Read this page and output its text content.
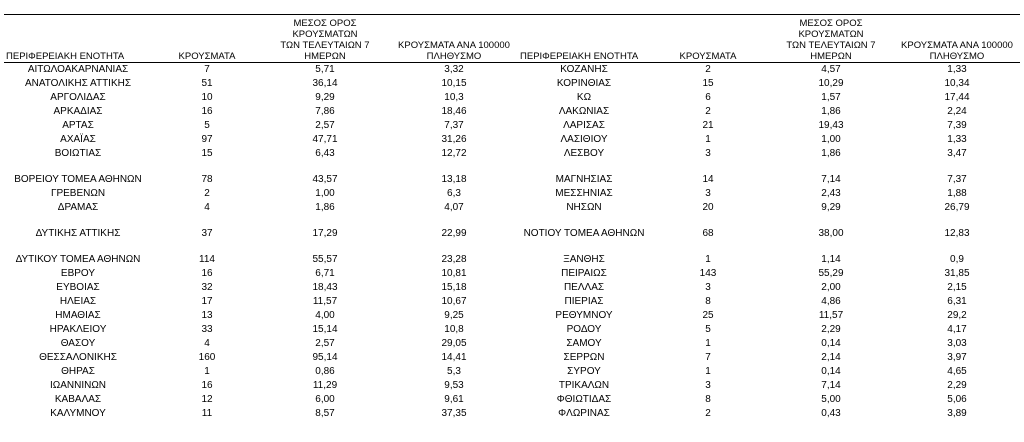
ΠΕΡΙΦΕΡΕΙΑΚΗ ΕΝΟΤΗΤΑ	ΚΡΟΥΣΜΑΤΑ	ΜΕΣΟΣ ΟΡΟΣ ΚΡΟΥΣΜΑΤΩΝ
ΤΩΝ ΤΕΛΕΥΤΑΙΩΝ 7
ΗΜΕΡΩΝ	ΚΡΟΥΣΜΑΤΑ ΑΝΑ 100000
ΠΛΗΘΥΣΜΟ

ΑΙΤΩΛΟΑΚΑΡΝΑΝΙΑΣ	7	5,71	3,32
ΑΝΑΤΟΛΙΚΗΣ ΑΤΤΙΚΗΣ	51	36,14	10,15
ΑΡΓΟΛΙΔΑΣ	10	9,29	10,3
ΑΡΚΑΔΙΑΣ	16	7,86	18,46
ΑΡΤΑΣ	5	2,57	7,37
ΑΧΑΪΑΣ	97	47,71	31,26
ΒΟΙΩΤΙΑΣ	15	6,43	12,72

ΒΟΡΕΙΟΥ ΤΟΜΕΑ ΑΘΗΝΩΝ	78	43,57	13,18
ΓΡΕΒΕΝΩΝ	2	1,00	6,3
ΔΡΑΜΑΣ	4	1,86	4,07

ΔΥΤΙΚΗΣ ΑΤΤΙΚΗΣ	37	17,29	22,99

ΔΥΤΙΚΟΥ ΤΟΜΕΑ ΑΘΗΝΩΝ	114	55,57	23,28
ΕΒΡΟΥ	16	6,71	10,81
ΕΥΒΟΙΑΣ	32	18,43	15,18
ΗΛΕΙΑΣ	17	11,57	10,67
ΗΜΑΘΙΑΣ	13	4,00	9,25
ΗΡΑΚΛΕΙΟΥ	33	15,14	10,8
ΘΑΣΟΥ	4	2,57	29,05
ΘΕΣΣΑΛΟΝΙΚΗΣ	160	95,14	14,41
ΘΗΡΑΣ	1	0,86	5,3
ΙΩΑΝΝΙΝΩΝ	16	11,29	9,53
ΚΑΒΑΛΑΣ	12	6,00	9,61
ΚΑΛΥΜΝΟΥ	11	8,57	37,35
ΠΕΡΙΦΕΡΕΙΑΚΗ ΕΝΟΤΗΤΑ	ΚΡΟΥΣΜΑΤΑ	ΜΕΣΟΣ ΟΡΟΣ ΚΡΟΥΣΜΑΤΩΝ
ΤΩΝ ΤΕΛΕΥΤΑΙΩΝ 7
ΗΜΕΡΩΝ	ΚΡΟΥΣΜΑΤΑ ΑΝΑ 100000
ΠΛΗΘΥΣΜΟ

ΚΟΖΑΝΗΣ	2	4,57	1,33
ΚΟΡΙΝΘΙΑΣ	15	10,29	10,34
ΚΩ	6	1,57	17,44
ΛΑΚΩΝΙΑΣ	2	1,86	2,24
ΛΑΡΙΣΑΣ	21	19,43	7,39
ΛΑΣΙΘΙΟΥ	1	1,00	1,33
ΛΕΣΒΟΥ	3	1,86	3,47

ΜΑΓΝΗΣΙΑΣ	14	7,14	7,37
ΜΕΣΣΗΝΙΑΣ	3	2,43	1,88
ΝΗΣΩΝ	20	9,29	26,79

ΝΟΤΙΟΥ ΤΟΜΕΑ ΑΘΗΝΩΝ	68	38,00	12,83

ΞΑΝΘΗΣ	1	1,14	0,9
ΠΕΙΡΑΙΩΣ	143	55,29	31,85
ΠΕΛΛΑΣ	3	2,00	2,15
ΠΙΕΡΙΑΣ	8	4,86	6,31
ΡΕΘΥΜΝΟΥ	25	11,57	29,2
ΡΟΔΟΥ	5	2,29	4,17
ΣΑΜΟΥ	1	0,14	3,03
ΣΕΡΡΩΝ	7	2,14	3,97
ΣΥΡΟΥ	1	0,14	4,65
ΤΡΙΚΑΛΩΝ	3	7,14	2,29
ΦΘΙΩΤΙΔΑΣ	8	5,00	5,06
ΦΛΩΡΙΝΑΣ	2	0,43	3,89
